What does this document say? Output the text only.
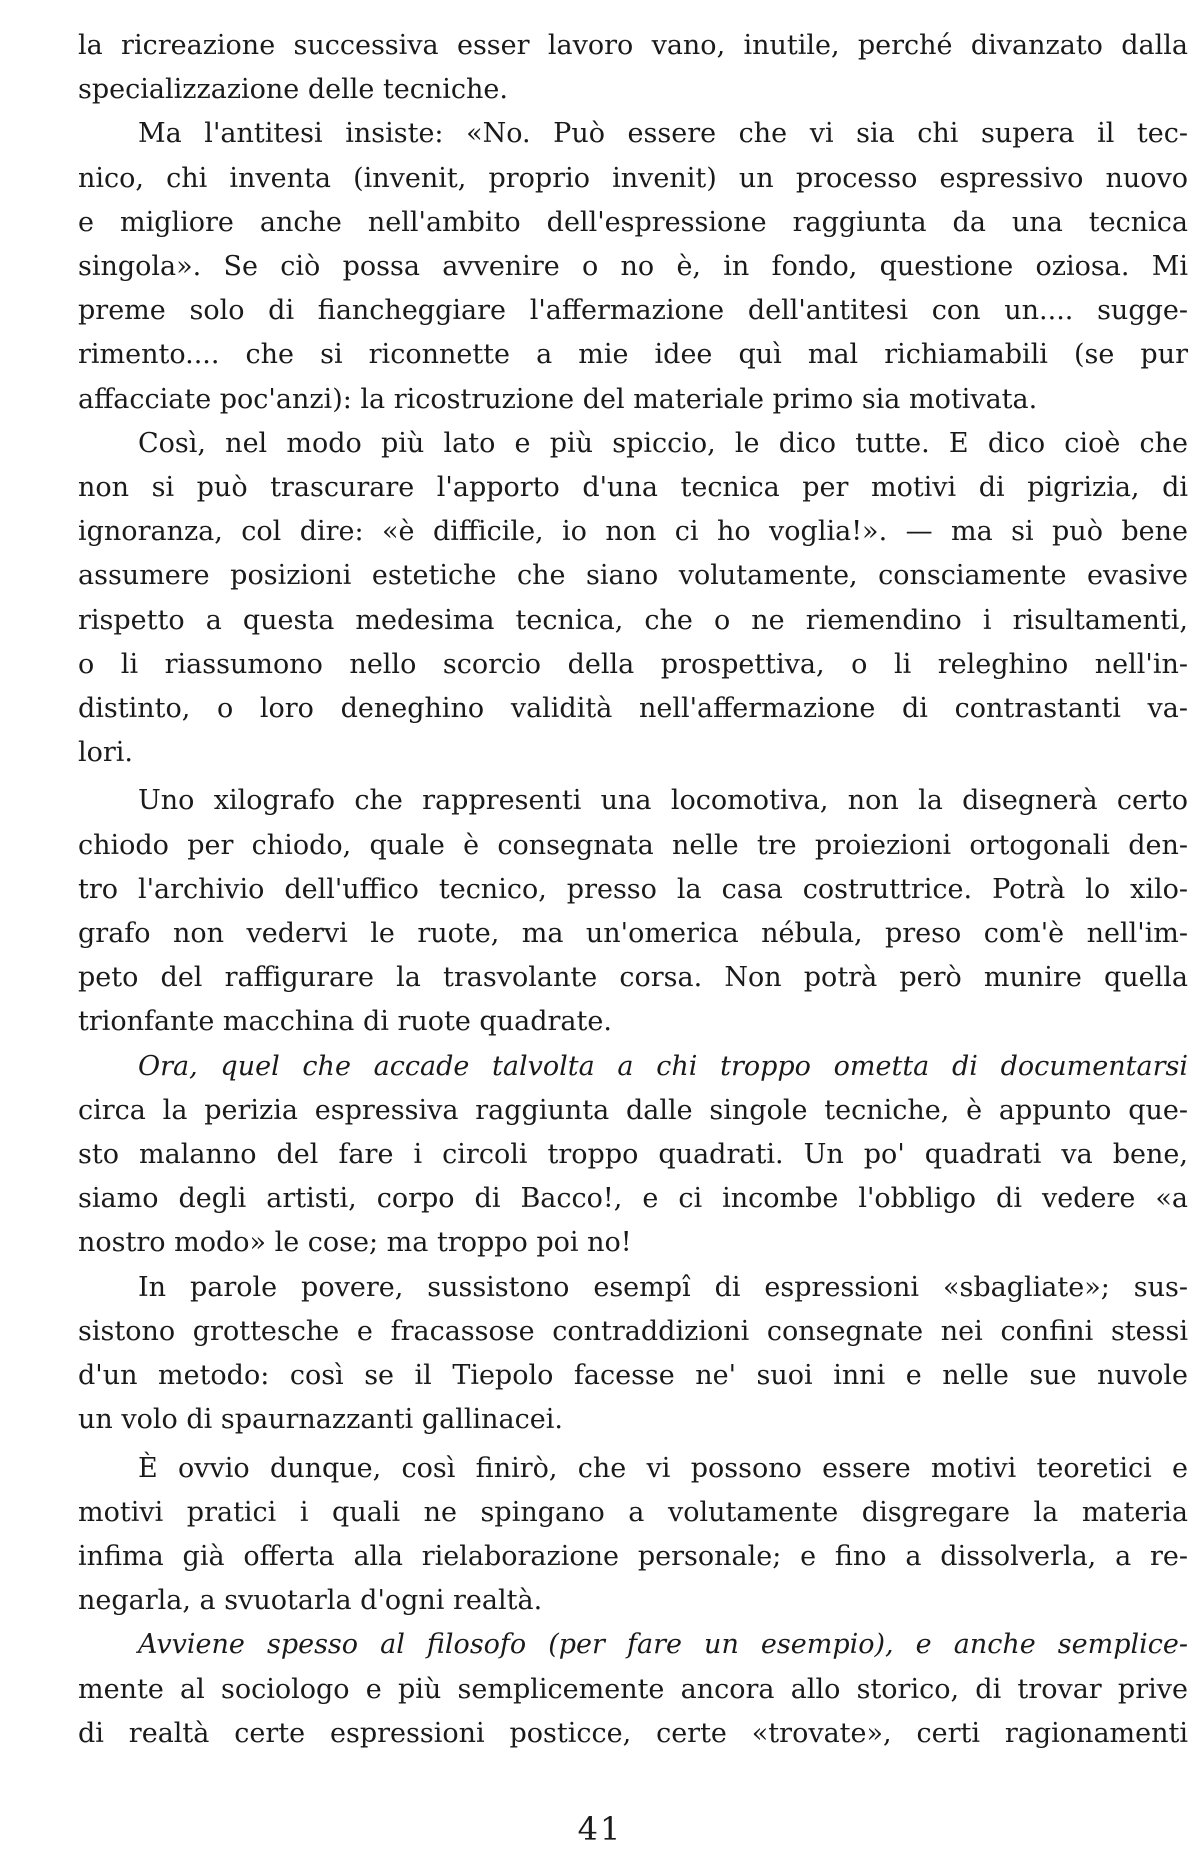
la ricreazione successiva esser lavoro vano, inutile, perché divanzato dalla
specializzazione delle tecniche.

Ma l'antitesi insiste: «No. Può essere che vi sia chi supera il tec-
nico, chi inventa (invenit, proprio invenit) un processo espressivo nuovo
e migliore anche nell'ambito dell'espressione raggiunta da una tecnica
singola». Se ciò possa avvenire o no è, in fondo, questione oziosa. Mi
preme solo di fiancheggiare l'affermazione dell'antitesi con un.... sugge-
rimento.... che si riconnette a mie idee quì mal richiamabili (se pur
affacciate poc'anzi): la ricostruzione del materiale primo sia motivata.

Così, nel modo più lato e più spiccio, le dico tutte. E dico cioè che
non si può trascurare l'apporto d'una tecnica per motivi di pigrizia, di
ignoranza, col dire: «è difficile, io non ci ho voglia!». — ma si può bene
assumere posizioni estetiche che siano volutamente, consciamente evasive
rispetto a questa medesima tecnica, che o ne riemendino i risultamenti,
o li riassumono nello scorcio della prospettiva, o li releghino nell'in-
distinto, o loro deneghino validità nell'affermazione di contrastanti va-
lori.

Uno xilografo che rappresenti una locomotiva, non la disegnerà certo
chiodo per chiodo, quale è consegnata nelle tre proiezioni ortogonali den-
tro l'archivio dell'uffico tecnico, presso la casa costruttrice. Potrà lo xilo-
grafo non vedervi le ruote, ma un'omerica nébula, preso com'è nell'im-
peto del raffigurare la trasvolante corsa. Non potrà però munire quella
trionfante macchina di ruote quadrate.

Ora, quel che accade talvolta a chi troppo ometta di documentarsi
circa la perizia espressiva raggiunta dalle singole tecniche, è appunto que-
sto malanno del fare i circoli troppo quadrati. Un po' quadrati va bene,
siamo degli artisti, corpo di Bacco!, e ci incombe l'obbligo di vedere «a
nostro modo» le cose; ma troppo poi no!

In parole povere, sussistono esempî di espressioni «sbagliate»; sus-
sistono grottesche e fracassose contraddizioni consegnate nei confini stessi
d'un metodo: così se il Tiepolo facesse ne' suoi inni e nelle sue nuvole
un volo di spaurnazzanti gallinacei.

È ovvio dunque, così finirò, che vi possono essere motivi teoretici e
motivi pratici i quali ne spingano a volutamente disgregare la materia
infima già offerta alla rielaborazione personale; e fino a dissolverla, a re-
negarla, a svuotarla d'ogni realtà.

Avviene spesso al filosofo (per fare un esempio), e anche semplice-
mente al sociologo e più semplicemente ancora allo storico, di trovar prive
di realtà certe espressioni posticce, certe «trovate», certi ragionamenti

41
